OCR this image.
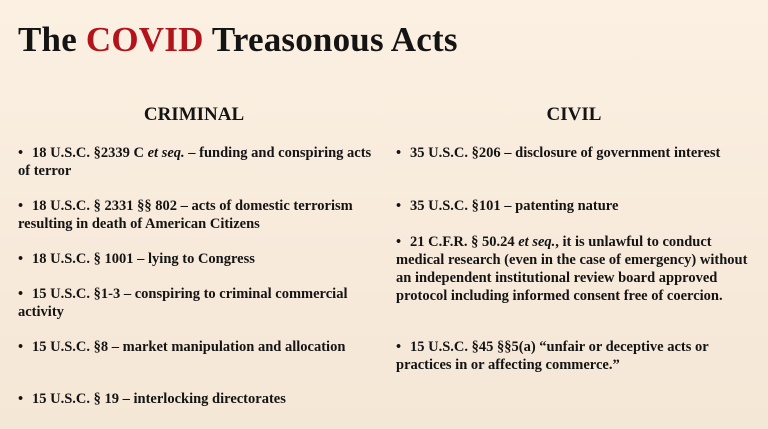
The COVID Treasonous Acts
CRIMINAL	CIVIL
• 18 U.S.C. §2339 C et seq. – funding and conspiring acts of terror
• 18 U.S.C. § 2331 §§ 802 – acts of domestic terrorism resulting in death of American Citizens
• 18 U.S.C. § 1001 – lying to Congress
• 15 U.S.C. §1-3 – conspiring to criminal commercial activity
• 15 U.S.C. §8 – market manipulation and allocation
• 15 U.S.C. § 19 – interlocking directorates
• 35 U.S.C. §206 – disclosure of government interest
• 35 U.S.C. §101 – patenting nature
• 21 C.F.R. § 50.24 et seq., it is unlawful to conduct medical research (even in the case of emergency) without an independent institutional review board approved protocol including informed consent free of coercion.
• 15 U.S.C. §45 §§5(a) “unfair or deceptive acts or practices in or affecting commerce.”
